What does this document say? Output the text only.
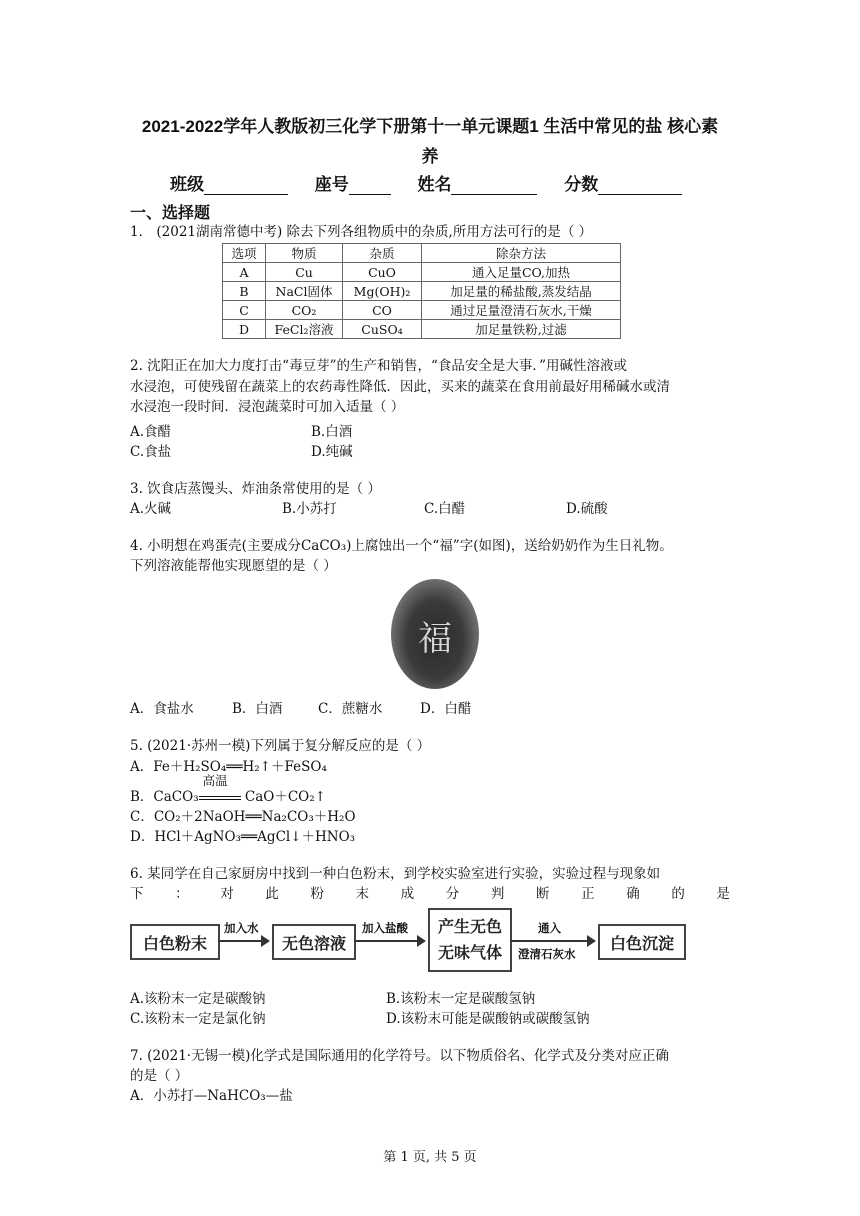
2021-2022学年人教版初三化学下册第十一单元课题1 生活中常见的盐 核心素
养
班级	座号	姓名	分数
一、选择题
1． (2021湖南常德中考) 除去下列各组物质中的杂质,所用方法可行的是（ ）
选项	物质	杂质	除杂方法
A	Cu	CuO	通入足量CO,加热
B	NaCl固体	Mg(OH)₂	加足量的稀盐酸,蒸发结晶
C	CO₂	CO	通过足量澄清石灰水,干燥
D	FeCl₂溶液	CuSO₄	加足量铁粉,过滤
2. 沈阳正在加大力度打击“毒豆芽”的生产和销售，“食品安全是大事．”用碱性溶液或
水浸泡，可使残留在蔬菜上的农药毒性降低．因此，买来的蔬菜在食用前最好用稀碱水或清
水浸泡一段时间．浸泡蔬菜时可加入适量（ ）
A.食醋	B.白酒
C.食盐	D.纯碱
3. 饮食店蒸馒头、炸油条常使用的是（ ）
A.火碱	B.小苏打	C.白醋	D.硫酸
4. 小明想在鸡蛋壳(主要成分CaCO₃)上腐蚀出一个“福”字(如图)，送给奶奶作为生日礼物。
下列溶液能帮他实现愿望的是（ ）
福
A．食盐水	B．白酒	C．蔗糖水	D．白醋
5. (2021·苏州一模)下列属于复分解反应的是（ ）
A．Fe＋H₂SO₄══H₂↑＋FeSO₄
B．CaCO₃
高温
CaO＋CO₂↑
C．CO₂＋2NaOH══Na₂CO₃＋H₂O
D．HCl＋AgNO₃══AgCl↓＋HNO₃
6. 某同学在自己家厨房中找到一种白色粉末，到学校实验室进行实验，实验过程与现象如
下 ： 对 此 粉 末 成 分 判 断 正 确 的 是
白色粉末
加入水
无色溶液
加入盐酸 产生无色
无味气体
通入
澄清石灰水
白色沉淀
A.该粉末一定是碳酸钠	B.该粉末一定是碳酸氢钠
C.该粉末一定是氯化钠	D.该粉末可能是碳酸钠或碳酸氢钠
7. (2021·无锡一模)化学式是国际通用的化学符号。以下物质俗名、化学式及分类对应正确
的是（ ）
A．小苏打—NaHCO₃—盐
第 1 页, 共 5 页
